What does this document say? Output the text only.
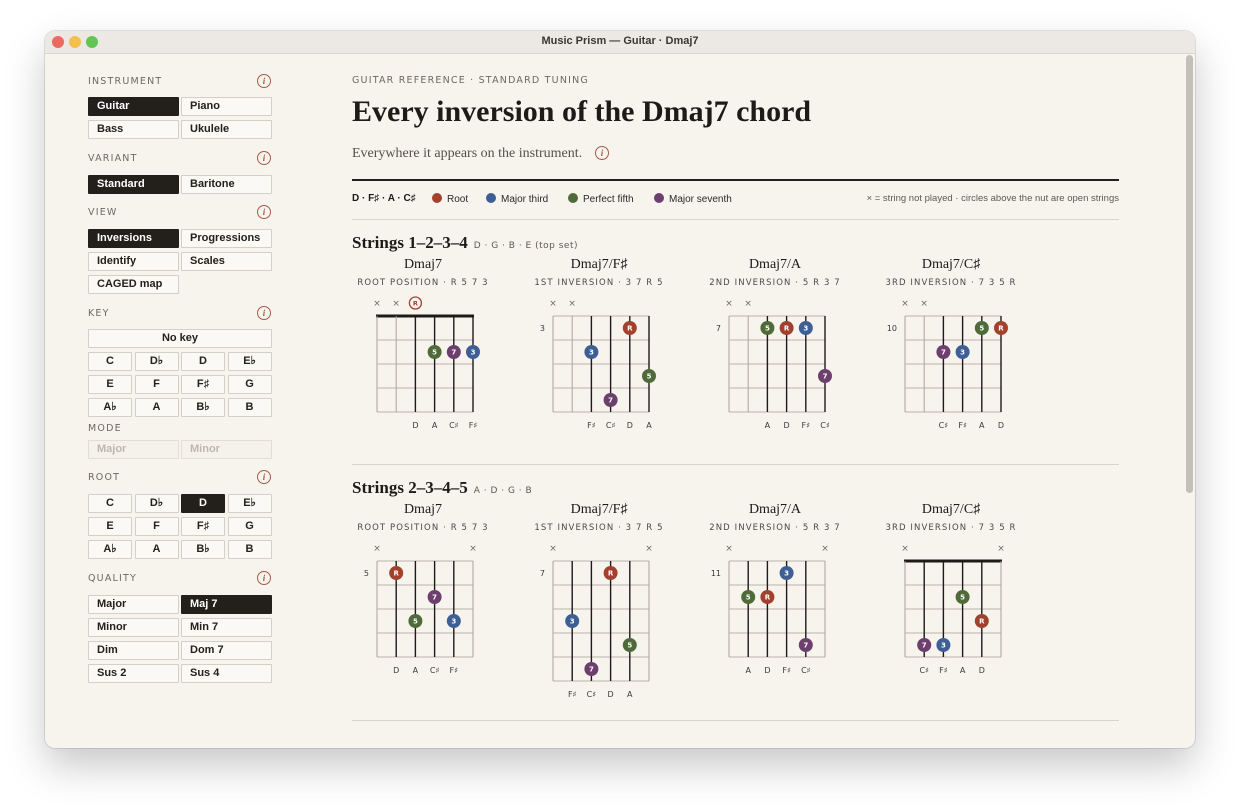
Music Prism — Guitar · Dmaj7
INSTRUMENT	i
Guitar	Piano
Bass	Ukulele
VARIANT	i
Standard	Baritone
VIEW	i
Inversions	Progressions
Identify	Scales
CAGED map
KEY	i
No key
C	D♭	D	E♭
E	F	F♯	G
A♭	A	B♭	B
MODE
Major	Minor
ROOT	i
C	D♭	D	E♭
E	F	F♯	G
A♭	A	B♭	B
QUALITY	i
Major	Maj 7
Minor	Min 7
Dim	Dom 7
Sus 2	Sus 4
GUITAR REFERENCE · STANDARD TUNING
Every inversion of the Dmaj7 chord
Everywhere it appears on the instrument.	i
D · F♯ · A · C♯	Root	Major third	Perfect fifth	Major seventh	× = string not played · circles above the nut are open strings
Strings 1–2–3–4 D · G · B · E (top set)
Dmaj7
ROOT POSITION · R 5 7 3
× × R
5 7 3
D A C♯ F♯
Dmaj7/F♯
1ST INVERSION · 3 7 R 5
3
× ×
R
3
5
7
F♯ C♯ D A
Dmaj7/A
2ND INVERSION · 5 R 3 7
7
× ×
5 R 3
7
A D F♯ C♯
Dmaj7/C♯
3RD INVERSION · 7 3 5 R
10
× ×
5 R
7 3
C♯ F♯ A D
Strings 2–3–4–5 A · D · G · B
Dmaj7
ROOT POSITION · R 5 7 3
5
×	×
R
7
5	3
D A C♯ F♯
Dmaj7/F♯
1ST INVERSION · 3 7 R 5
7
×	×
R
3
5
7
F♯ C♯ D A
Dmaj7/A
2ND INVERSION · 5 R 3 7
11
×	×
3
5 R
7
A D F♯ C♯
Dmaj7/C♯
3RD INVERSION · 7 3 5 R
×	×
5
R
7 3
C♯ F♯ A D
